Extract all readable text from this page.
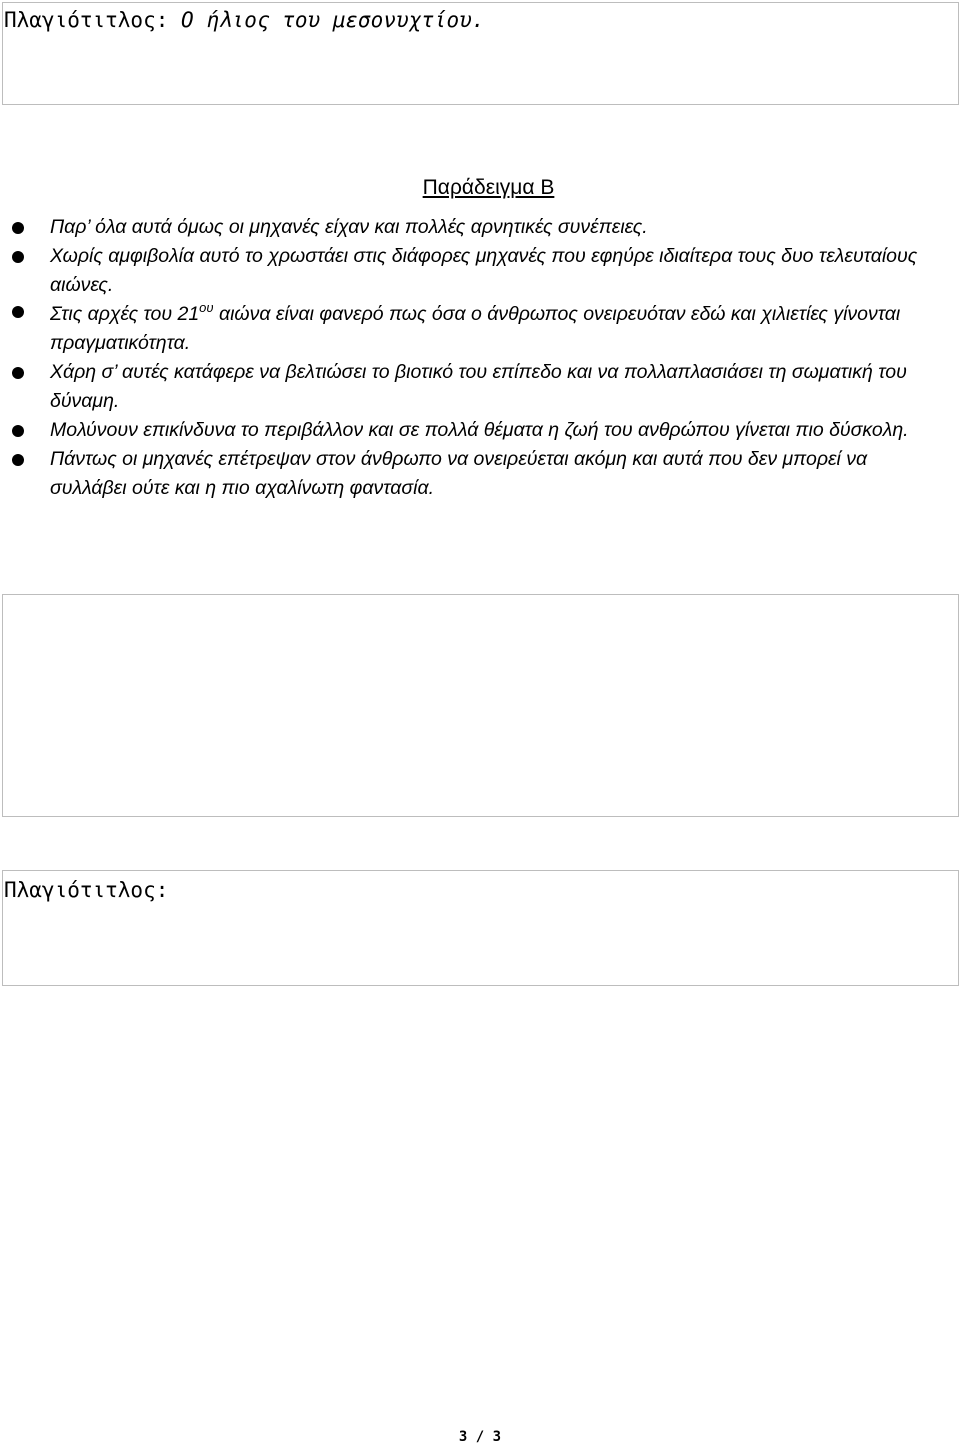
Πλαγιότιτλος: Ο ήλιος του μεσονυχτίου.
Παράδειγμα Β
Παρ’ όλα αυτά όμως οι μηχανές είχαν και πολλές αρνητικές συνέπειες.
Χωρίς αμφιβολία αυτό το χρωστάει στις διάφορες μηχανές που εφηύρε ιδιαίτερα τους δυο τελευταίους αιώνες.
Στις αρχές του $21^{o\upsilon}$ αιώνα είναι φανερό πως όσα ο άνθρωπος ονειρευόταν εδώ και χιλιετίες γίνονται πραγματικότητα.
Χάρη σ’ αυτές κατάφερε να βελτιώσει το βιοτικό του επίπεδο και να πολλαπλασιάσει τη σωματική του δύναμη.
Μολύνουν επικίνδυνα το περιβάλλον και σε πολλά θέματα η ζωή του ανθρώπου γίνεται πιο δύσκολη.
Πάντως οι μηχανές επέτρεψαν στον άνθρωπο να ονειρεύεται ακόμη και αυτά που δεν μπορεί να συλλάβει ούτε και η πιο αχαλίνωτη φαντασία.
Πλαγιότιτλος:
3 / 3
